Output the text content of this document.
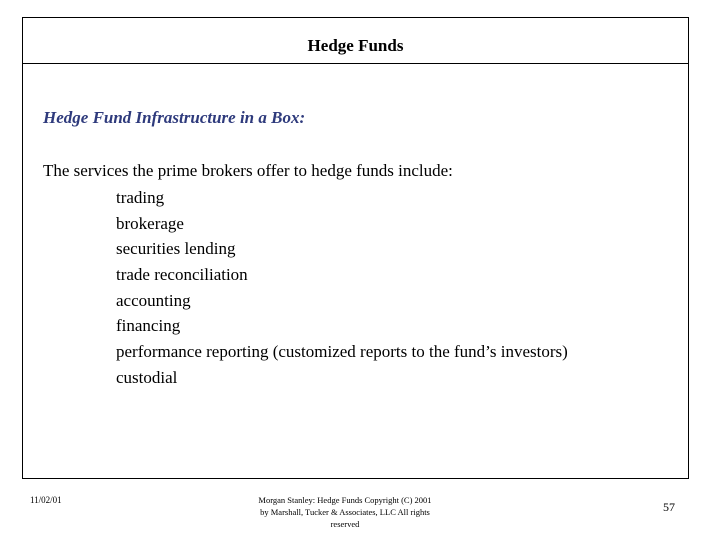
Hedge Funds
Hedge Fund Infrastructure in a Box:
The services the prime brokers offer to hedge funds include:
trading
brokerage
securities lending
trade reconciliation
accounting
financing
performance reporting (customized reports to the fund’s investors)
custodial
11/02/01	Morgan Stanley: Hedge Funds Copyright (C) 2001
by Marshall, Tucker & Associates, LLC All rights
reserved
57
